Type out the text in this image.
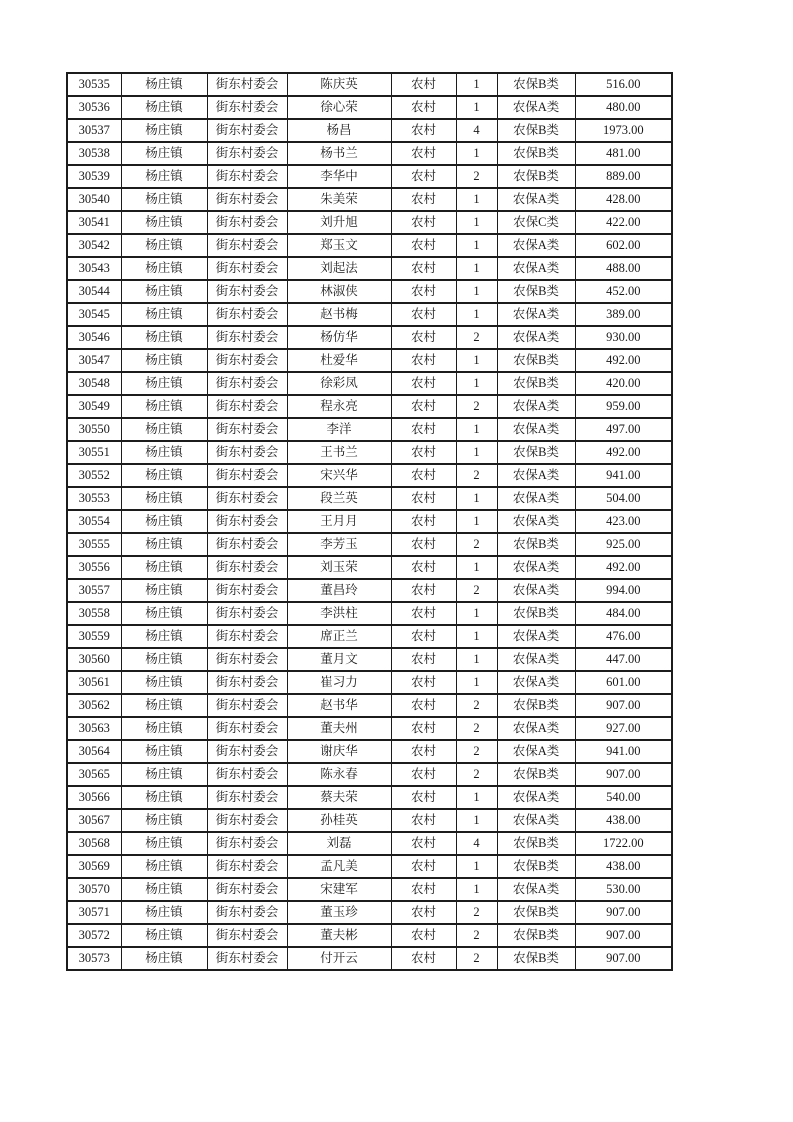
30535	杨庄镇	街东村委会	陈庆英	农村	1	农保B类	516.00
30536	杨庄镇	街东村委会	徐心荣	农村	1	农保A类	480.00
30537	杨庄镇	街东村委会	杨昌	农村	4	农保B类	1973.00
30538	杨庄镇	街东村委会	杨书兰	农村	1	农保B类	481.00
30539	杨庄镇	街东村委会	李华中	农村	2	农保B类	889.00
30540	杨庄镇	街东村委会	朱美荣	农村	1	农保A类	428.00
30541	杨庄镇	街东村委会	刘升旭	农村	1	农保C类	422.00
30542	杨庄镇	街东村委会	郑玉文	农村	1	农保A类	602.00
30543	杨庄镇	街东村委会	刘起法	农村	1	农保A类	488.00
30544	杨庄镇	街东村委会	林淑侠	农村	1	农保B类	452.00
30545	杨庄镇	街东村委会	赵书梅	农村	1	农保A类	389.00
30546	杨庄镇	街东村委会	杨仿华	农村	2	农保A类	930.00
30547	杨庄镇	街东村委会	杜爱华	农村	1	农保B类	492.00
30548	杨庄镇	街东村委会	徐彩凤	农村	1	农保B类	420.00
30549	杨庄镇	街东村委会	程永亮	农村	2	农保A类	959.00
30550	杨庄镇	街东村委会	李洋	农村	1	农保A类	497.00
30551	杨庄镇	街东村委会	王书兰	农村	1	农保B类	492.00
30552	杨庄镇	街东村委会	宋兴华	农村	2	农保A类	941.00
30553	杨庄镇	街东村委会	段兰英	农村	1	农保A类	504.00
30554	杨庄镇	街东村委会	王月月	农村	1	农保A类	423.00
30555	杨庄镇	街东村委会	李芳玉	农村	2	农保B类	925.00
30556	杨庄镇	街东村委会	刘玉荣	农村	1	农保A类	492.00
30557	杨庄镇	街东村委会	董昌玲	农村	2	农保A类	994.00
30558	杨庄镇	街东村委会	李洪柱	农村	1	农保B类	484.00
30559	杨庄镇	街东村委会	席正兰	农村	1	农保A类	476.00
30560	杨庄镇	街东村委会	董月文	农村	1	农保A类	447.00
30561	杨庄镇	街东村委会	崔习力	农村	1	农保A类	601.00
30562	杨庄镇	街东村委会	赵书华	农村	2	农保B类	907.00
30563	杨庄镇	街东村委会	董夫州	农村	2	农保A类	927.00
30564	杨庄镇	街东村委会	谢庆华	农村	2	农保A类	941.00
30565	杨庄镇	街东村委会	陈永春	农村	2	农保B类	907.00
30566	杨庄镇	街东村委会	蔡夫荣	农村	1	农保A类	540.00
30567	杨庄镇	街东村委会	孙桂英	农村	1	农保A类	438.00
30568	杨庄镇	街东村委会	刘磊	农村	4	农保B类	1722.00
30569	杨庄镇	街东村委会	孟凡美	农村	1	农保B类	438.00
30570	杨庄镇	街东村委会	宋建军	农村	1	农保A类	530.00
30571	杨庄镇	街东村委会	董玉珍	农村	2	农保B类	907.00
30572	杨庄镇	街东村委会	董夫彬	农村	2	农保B类	907.00
30573	杨庄镇	街东村委会	付开云	农村	2	农保B类	907.00
